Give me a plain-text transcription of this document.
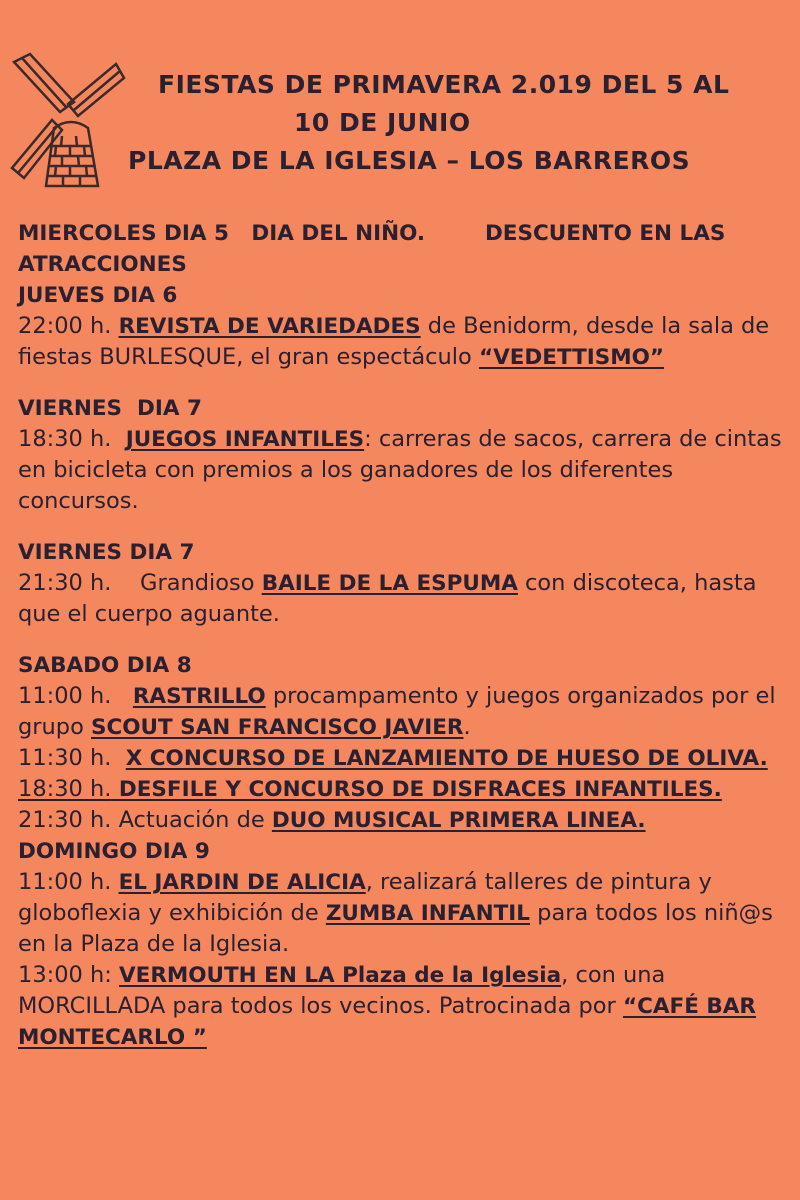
FIESTAS DE PRIMAVERA 2.019 DEL 5 AL
10 DE JUNIO
PLAZA DE LA IGLESIA – LOS BARREROS

MIERCOLES DIA 5   DIA DEL NIÑO.        DESCUENTO EN LAS ATRACCIONES

JUEVES DIA 6

22:00 h. REVISTA DE VARIEDADES de Benidorm, desde la sala de fiestas BURLESQUE, el gran espectáculo “VEDETTISMO”

VIERNES  DIA 7

18:30 h. JUEGOS INFANTILES: carreras de sacos, carrera de cintas en bicicleta con premios a los ganadores de los diferentes concursos.

VIERNES DIA 7

21:30 h. Grandioso BAILE DE LA ESPUMA con discoteca, hasta que el cuerpo aguante.

SABADO DIA 8

11:00 h. RASTRILLO procampamento y juegos organizados por el grupo SCOUT SAN FRANCISCO JAVIER.

11:30 h. X CONCURSO DE LANZAMIENTO DE HUESO DE OLIVA.

18:30 h. DESFILE Y CONCURSO DE DISFRACES INFANTILES.

21:30 h. Actuación de DUO MUSICAL PRIMERA LINEA.

DOMINGO DIA 9

11:00 h. EL JARDIN DE ALICIA, realizará talleres de pintura y globoflexia y exhibición de ZUMBA INFANTIL para todos los niñ@s en la Plaza de la Iglesia.

13:00 h: VERMOUTH EN LA Plaza de la Iglesia, con una MORCILLADA para todos los vecinos. Patrocinada por “CAFÉ BAR MONTECARLO ”
